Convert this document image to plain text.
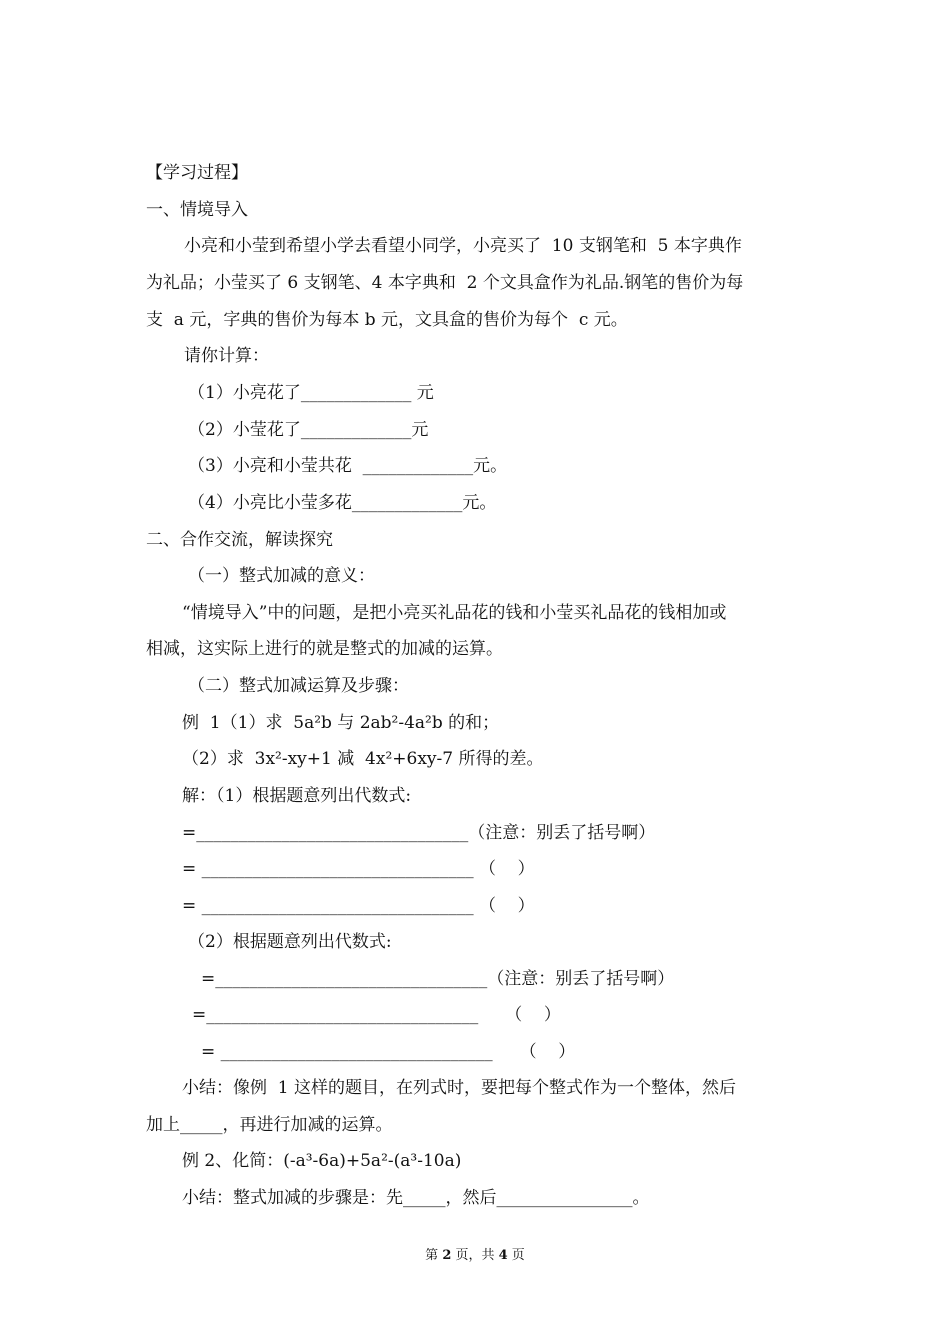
【学习过程】
一、情境导入
小亮和小莹到希望小学去看望小同学，小亮买了  10 支钢笔和  5 本字典作
为礼品；小莹买了 6 支钢笔、4 本字典和  2 个文具盒作为礼品.钢笔的售价为每
支  a 元，字典的售价为每本 b 元，文具盒的售价为每个  c 元。
请你计算：
（1）小亮花了_____________ 元
（2）小莹花了_____________元
（3）小亮和小莹共花  _____________元。
（4）小亮比小莹多花_____________元。
二、合作交流，解读探究
（一）整式加减的意义：
“情境导入”中的问题，是把小亮买礼品花的钱和小莹买礼品花的钱相加或
相减，这实际上进行的就是整式的加减的运算。
（二）整式加减运算及步骤：
例  1（1）求  5a²b 与 2ab²-4a²b 的和；
（2）求  3x²-xy+1 减  4x²+6xy-7 所得的差。
解：（1）根据题意列出代数式:
=________________________________（注意：别丢了括号啊）
= ________________________________ （    ）
= ________________________________ （    ）
（2）根据题意列出代数式:
=________________________________（注意：别丢了括号啊）
=________________________________     （    ）
= ________________________________     （    ）
小结：像例  1 这样的题目，在列式时，要把每个整式作为一个整体，然后
加上_____，再进行加减的运算。
例 2、化简：(-a³-6a)+5a²-(a³-10a)
小结：整式加减的步骤是：先_____，然后________________。
第 2 页，共 4 页
